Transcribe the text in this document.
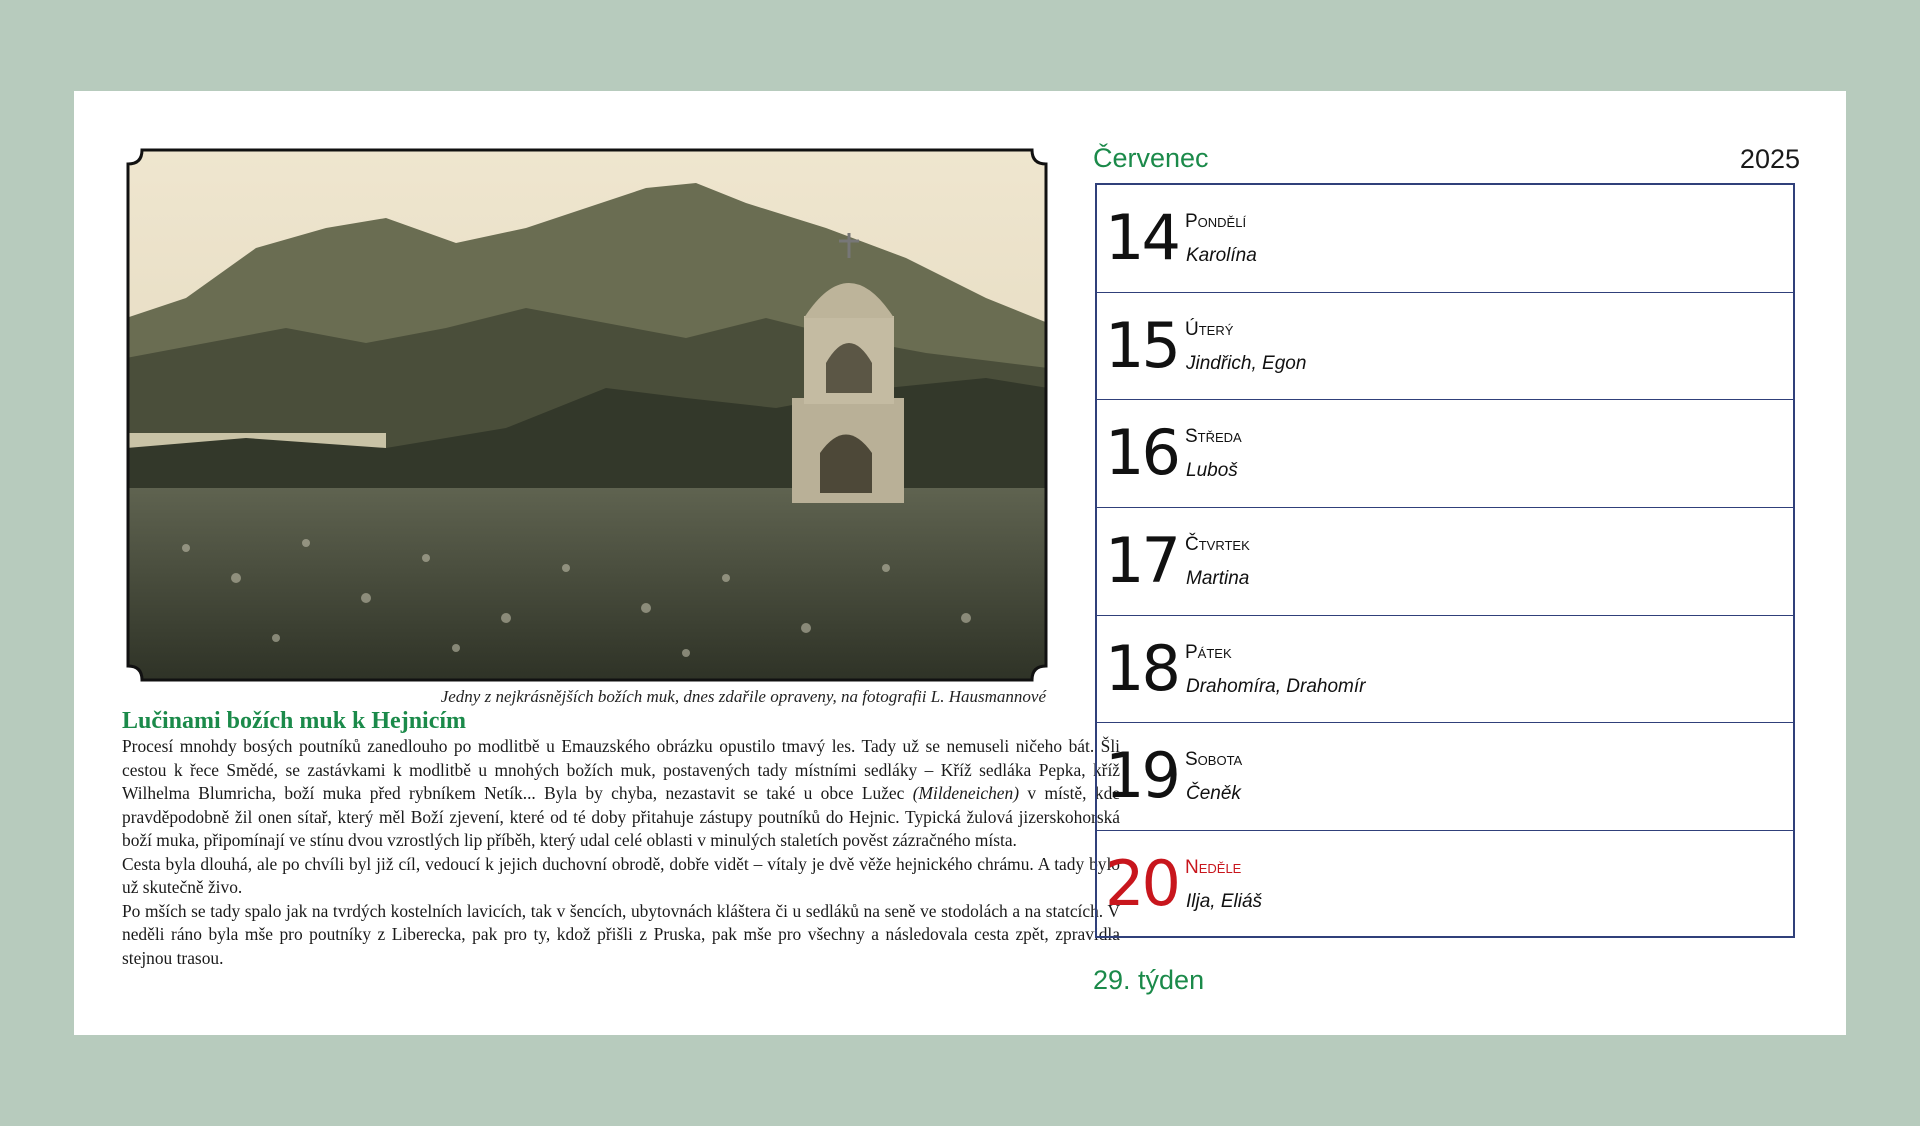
Jedny z nejkrásnějších božích muk, dnes zdařile opraveny, na fotografii L. Hausmannové
Lučinami božích muk k Hejnicím

Procesí mnohdy bosých poutníků zanedlouho po modlitbě u Emauzského obrázku opustilo tmavý les. Tady už se nemuseli ničeho bát. Šli cestou k řece Smědé, se zastávkami k modlitbě u mnohých božích muk, postavených tady místními sedláky – Kříž sedláka Pepka, kříž Wilhelma Blumricha, boží muka před rybníkem Netík... Byla by chyba, nezastavit se také u obce Lužec (Mildeneichen) v místě, kde pravděpodobně žil onen sítař, který měl Boží zjevení, které od té doby přitahuje zástupy poutníků do Hejnic. Typická žulová jizerskohorská boží muka, připomínají ve stínu dvou vzrostlých lip příběh, který udal celé oblasti v minulých staletích pověst zázračného místa.

Cesta byla dlouhá, ale po chvíli byl již cíl, vedoucí k jejich duchovní obrodě, dobře vidět – vítaly je dvě věže hejnického chrámu. A tady bylo už skutečně živo.

Po mších se tady spalo jak na tvrdých kostelních lavicích, tak v šencích, ubytovnách kláštera či u sedláků na seně ve stodolách a na statcích. V neděli ráno byla mše pro poutníky z Liberecka, pak pro ty, kdož přišli z Pruska, pak mše pro všechny a následovala cesta zpět, zpravidla stejnou trasou.

Červenec	2025
14 Pondělí
Karolína
15 Úterý
Jindřich, Egon
16 Středa
Luboš
17 Čtvrtek
Martina
18 Pátek
Drahomíra, Drahomír
19 Sobota
Čeněk
20 Neděle
Ilja, Eliáš
29. týden
